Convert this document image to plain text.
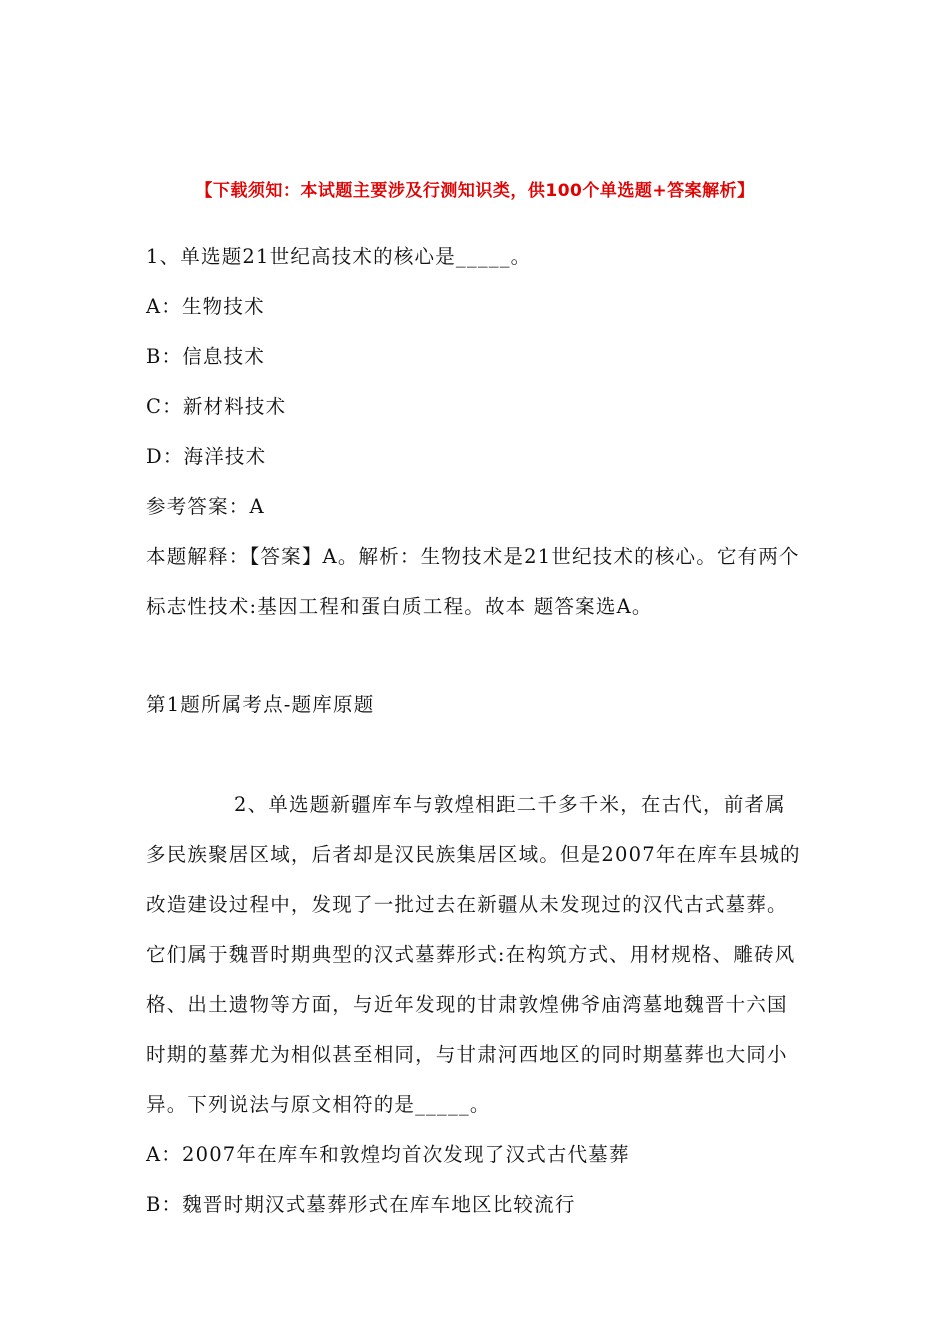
【下载须知：本试题主要涉及行测知识类，供100个单选题+答案解析】
1、单选题21世纪高技术的核心是_____。
A：生物技术
B：信息技术
C：新材料技术
D：海洋技术
参考答案：A
本题解释：【答案】A。解析：生物技术是21世纪技术的核心。它有两个标志性技术:基因工程和蛋白质工程。故本 题答案选A。
第1题所属考点-题库原题
2、单选题新疆库车与敦煌相距二千多千米，在古代，前者属多民族聚居区域，后者却是汉民族集居区域。但是2007年在库车县城的改造建设过程中，发现了一批过去在新疆从未发现过的汉代古式墓葬。它们属于魏晋时期典型的汉式墓葬形式:在构筑方式、用材规格、雕砖风格、出土遗物等方面，与近年发现的甘肃敦煌佛爷庙湾墓地魏晋十六国时期的墓葬尤为相似甚至相同，与甘肃河西地区的同时期墓葬也大同小异。下列说法与原文相符的是_____。
A：2007年在库车和敦煌均首次发现了汉式古代墓葬
B：魏晋时期汉式墓葬形式在库车地区比较流行
